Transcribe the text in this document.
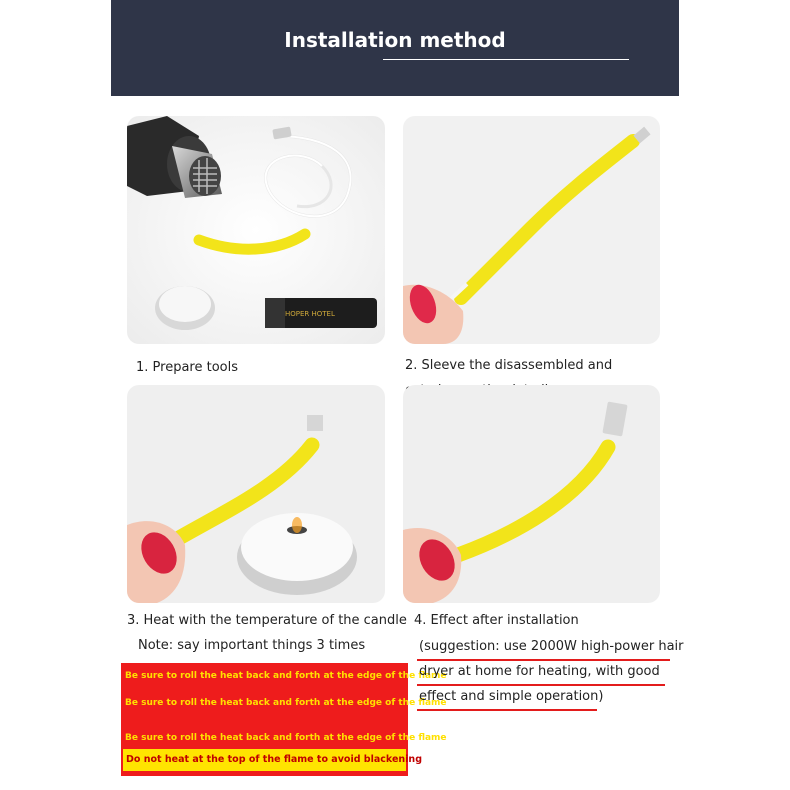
Installation method
HOPER HOTEL
1. Prepare tools	2. Sleeve the disassembled and
3. Heat with the temperature of the candle
Note: say important things 3 times
4. Effect after installation
Be sure to roll the heat back and forth at the edge of the flame
Be sure to roll the heat back and forth at the edge of the flame
Be sure to roll the heat back and forth at the edge of the flame
Do not heat at the top of the flame to avoid blackening
(suggestion: use 2000W high-power hair
dryer at home for heating, with good
effect and simple operation)
